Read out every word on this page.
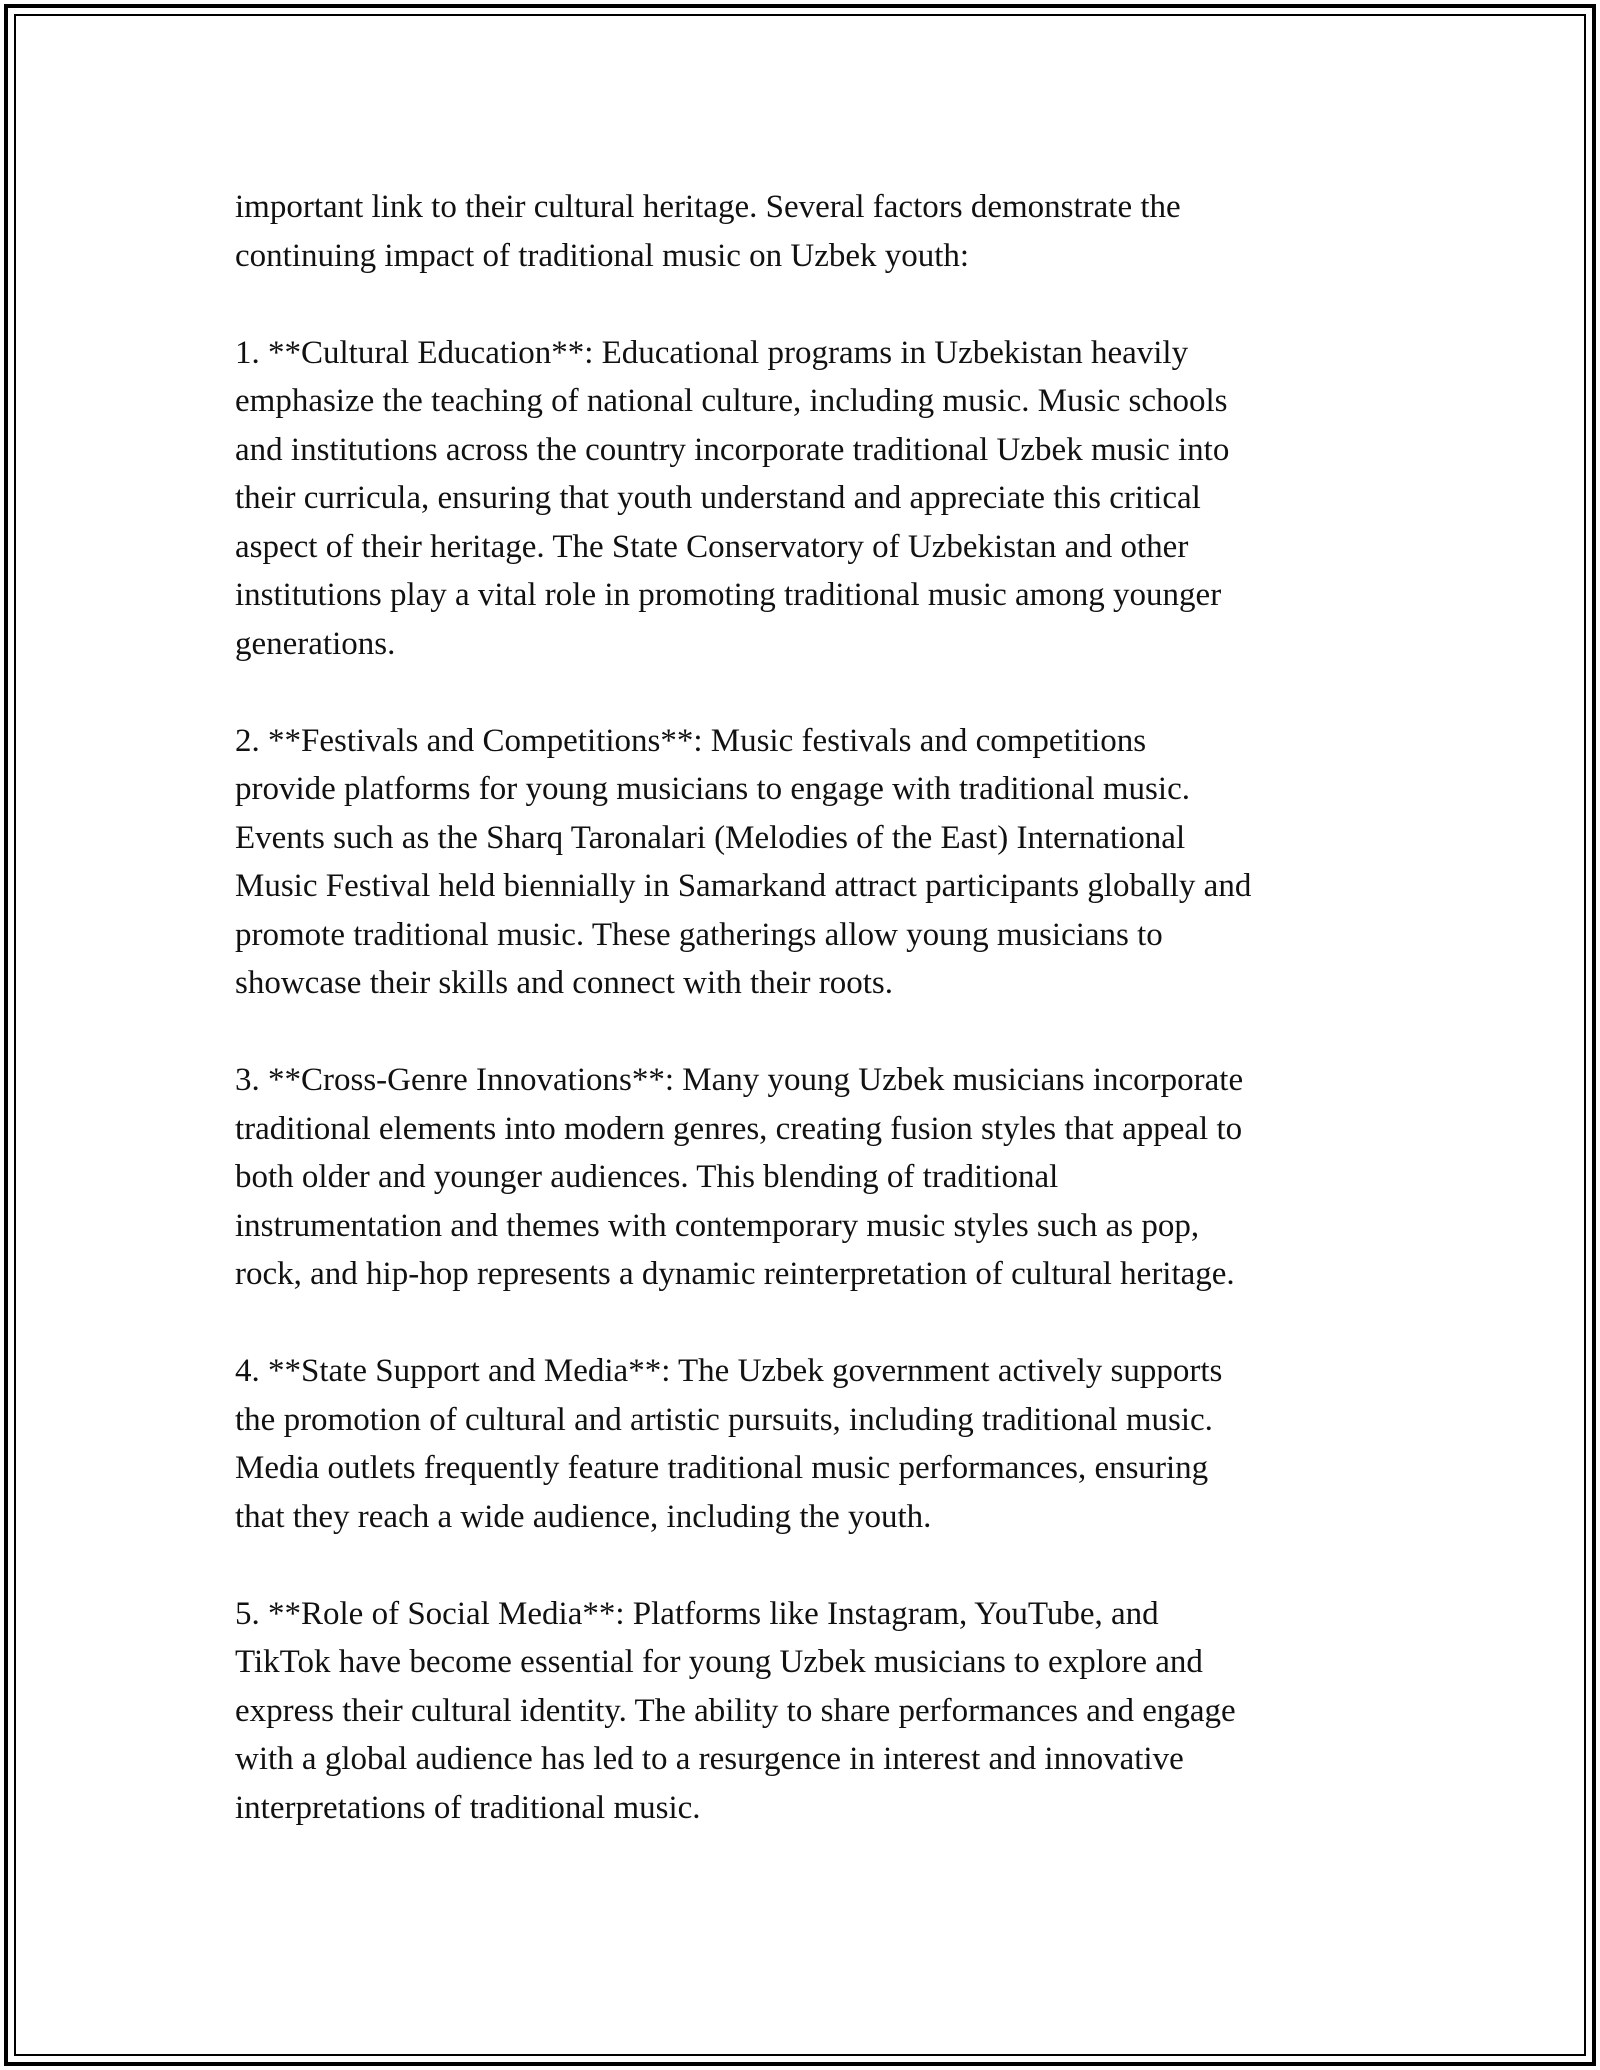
important link to their cultural heritage. Several factors demonstrate the
continuing impact of traditional music on Uzbek youth:

1. **Cultural Education**: Educational programs in Uzbekistan heavily
emphasize the teaching of national culture, including music. Music schools
and institutions across the country incorporate traditional Uzbek music into
their curricula, ensuring that youth understand and appreciate this critical
aspect of their heritage. The State Conservatory of Uzbekistan and other
institutions play a vital role in promoting traditional music among younger
generations.

2. **Festivals and Competitions**: Music festivals and competitions
provide platforms for young musicians to engage with traditional music.
Events such as the Sharq Taronalari (Melodies of the East) International
Music Festival held biennially in Samarkand attract participants globally and
promote traditional music. These gatherings allow young musicians to
showcase their skills and connect with their roots.

3. **Cross-Genre Innovations**: Many young Uzbek musicians incorporate
traditional elements into modern genres, creating fusion styles that appeal to
both older and younger audiences. This blending of traditional
instrumentation and themes with contemporary music styles such as pop,
rock, and hip-hop represents a dynamic reinterpretation of cultural heritage.

4. **State Support and Media**: The Uzbek government actively supports
the promotion of cultural and artistic pursuits, including traditional music.
Media outlets frequently feature traditional music performances, ensuring
that they reach a wide audience, including the youth.

5. **Role of Social Media**: Platforms like Instagram, YouTube, and
TikTok have become essential for young Uzbek musicians to explore and
express their cultural identity. The ability to share performances and engage
with a global audience has led to a resurgence in interest and innovative
interpretations of traditional music.
